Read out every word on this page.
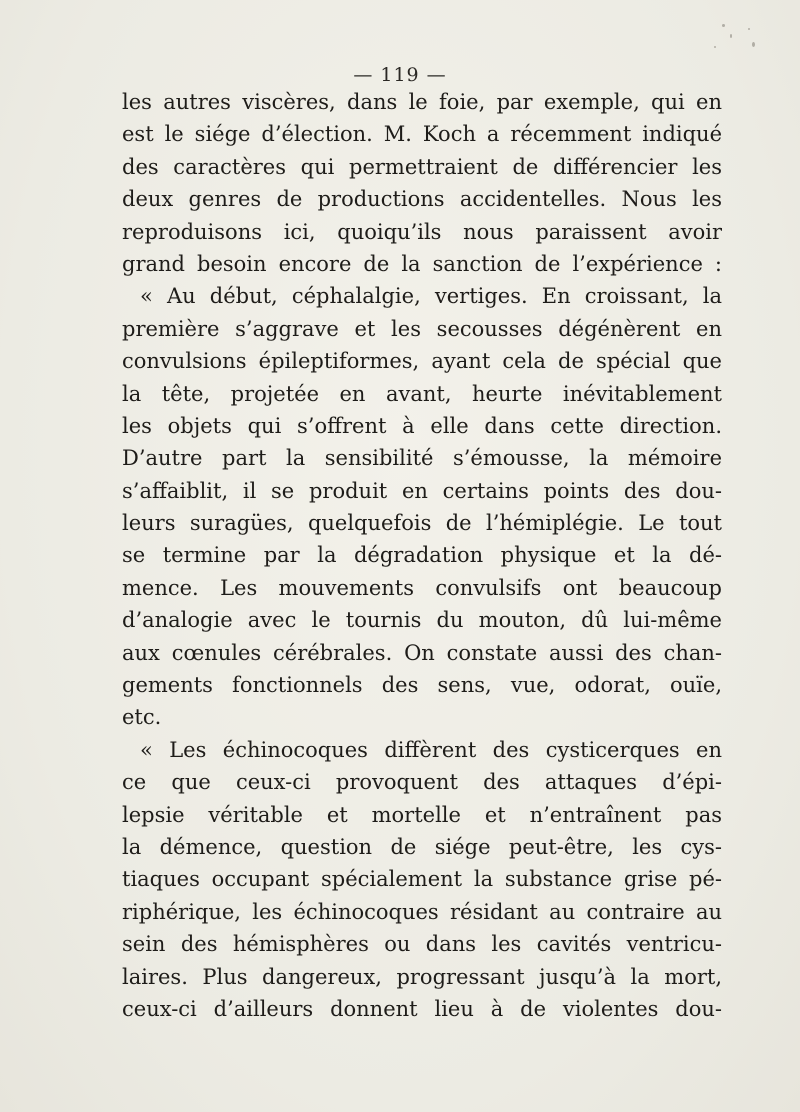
— 119 —
les autres viscères, dans le foie, par exemple, qui en
est le siége d’élection. M. Koch a récemment indiqué
des caractères qui permettraient de différencier les
deux genres de productions accidentelles. Nous les
reproduisons ici, quoiqu’ils nous paraissent avoir
grand besoin encore de la sanction de l’expérience :
« Au début, céphalalgie, vertiges. En croissant, la
première s’aggrave et les secousses dégénèrent en
convulsions épileptiformes, ayant cela de spécial que
la tête, projetée en avant, heurte inévitablement
les objets qui s’offrent à elle dans cette direction.
D’autre part la sensibilité s’émousse, la mémoire
s’affaiblit, il se produit en certains points des dou-
leurs suragües, quelquefois de l’hémiplégie. Le tout
se termine par la dégradation physique et la dé-
mence. Les mouvements convulsifs ont beaucoup
d’analogie avec le tournis du mouton, dû lui-même
aux cœnules cérébrales. On constate aussi des chan-
gements fonctionnels des sens, vue, odorat, ouïe,
etc.
« Les échinocoques diffèrent des cysticerques en
ce que ceux-ci provoquent des attaques d’épi-
lepsie véritable et mortelle et n’entraînent pas
la démence, question de siége peut-être, les cys-
tiaques occupant spécialement la substance grise pé-
riphérique, les échinocoques résidant au contraire au
sein des hémisphères ou dans les cavités ventricu-
laires. Plus dangereux, progressant jusqu’à la mort,
ceux-ci d’ailleurs donnent lieu à de violentes dou-
